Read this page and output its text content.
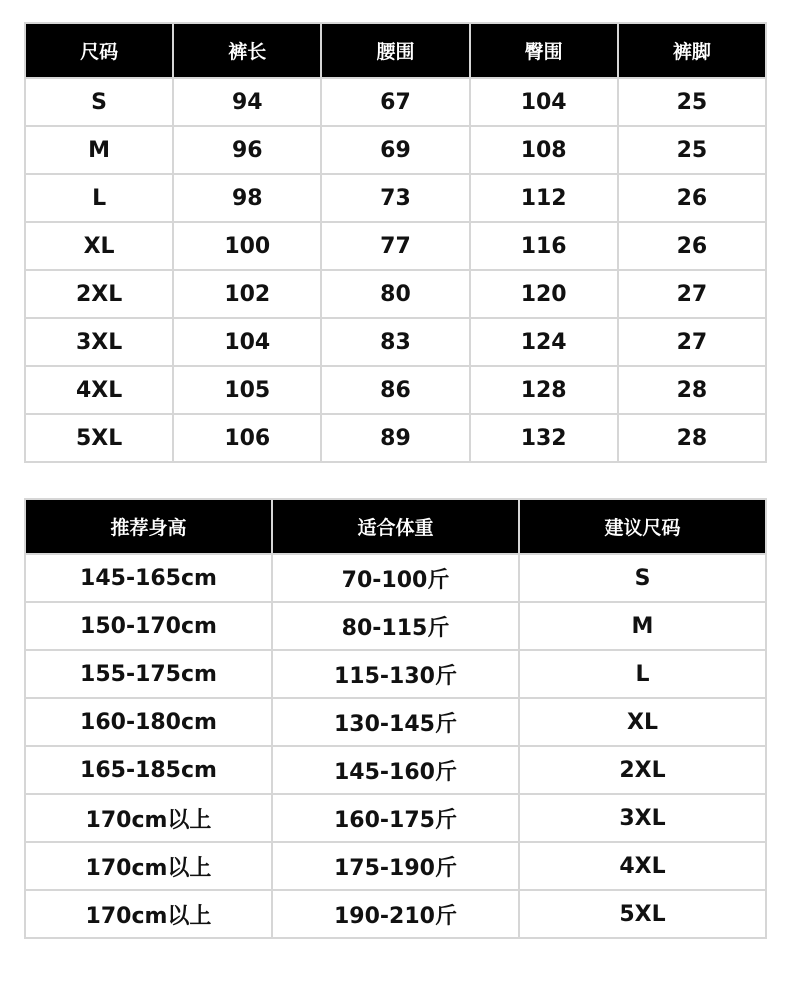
尺码	裤长	腰围	臀围	裤脚
S	94	67	104	25
M	96	69	108	25
L	98	73	112	26
XL	100	77	116	26
2XL	102	80	120	27
3XL	104	83	124	27
4XL	105	86	128	28
5XL	106	89	132	28
推荐身高	适合体重	建议尺码
145-165cm	70-100斤	S
150-170cm	80-115斤	M
155-175cm	115-130斤	L
160-180cm	130-145斤	XL
165-185cm	145-160斤	2XL
170cm以上	160-175斤	3XL
170cm以上	175-190斤	4XL
170cm以上	190-210斤	5XL
